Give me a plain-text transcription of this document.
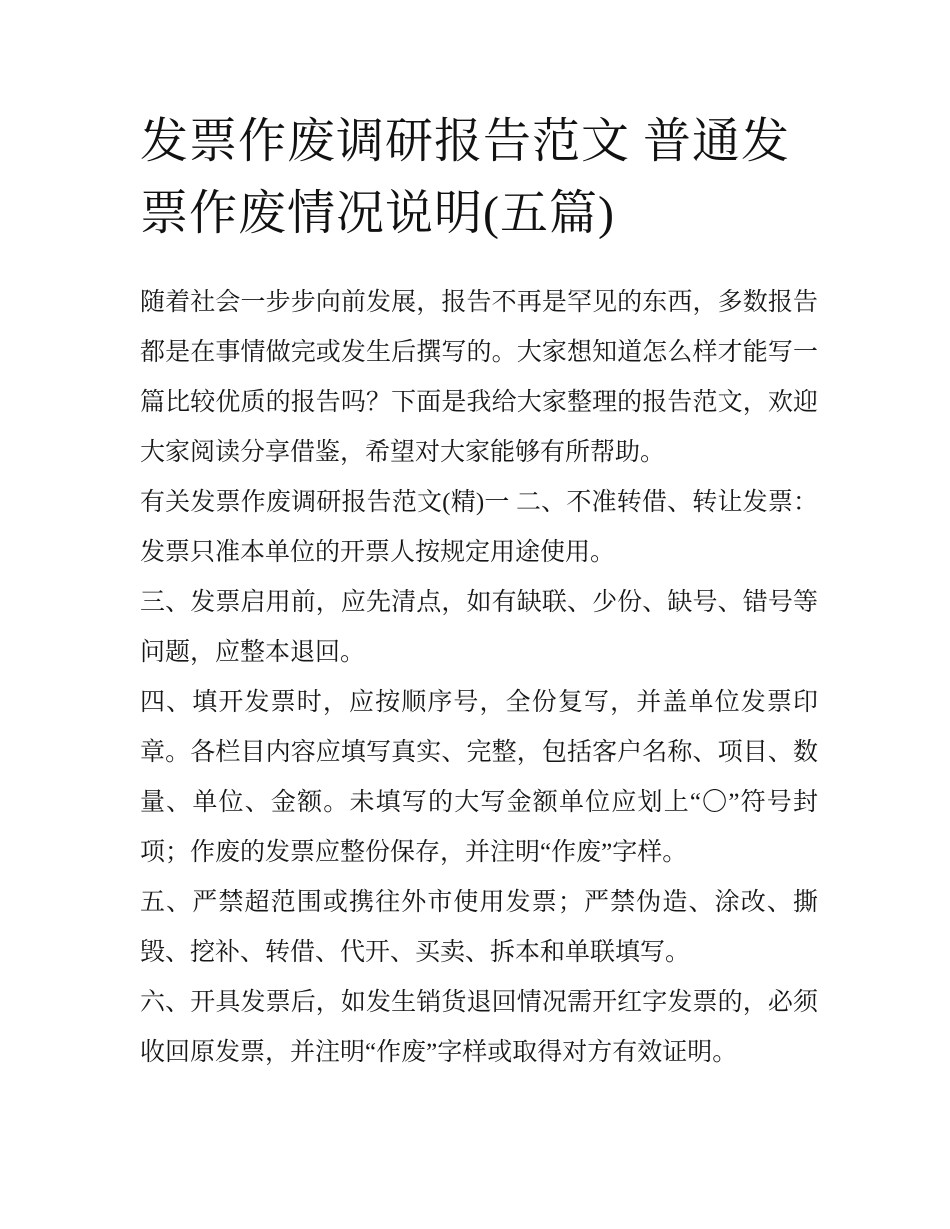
发票作废调研报告范文 普通发票作废情况说明(五篇)

随着社会一步步向前发展，报告不再是罕见的东西，多数报告都是在事情做完或发生后撰写的。大家想知道怎么样才能写一篇比较优质的报告吗？下面是我给大家整理的报告范文，欢迎大家阅读分享借鉴，希望对大家能够有所帮助。

有关发票作废调研报告范文(精)一 二、不准转借、转让发票：发票只准本单位的开票人按规定用途使用。

三、发票启用前，应先清点，如有缺联、少份、缺号、错号等问题，应整本退回。

四、填开发票时，应按顺序号，全份复写，并盖单位发票印章。各栏目内容应填写真实、完整，包括客户名称、项目、数量、单位、金额。未填写的大写金额单位应划上“〇”符号封项；作废的发票应整份保存，并注明“作废”字样。

五、严禁超范围或携往外市使用发票；严禁伪造、涂改、撕毁、挖补、转借、代开、买卖、拆本和单联填写。

六、开具发票后，如发生销货退回情况需开红字发票的，必须收回原发票，并注明“作废”字样或取得对方有效证明。
